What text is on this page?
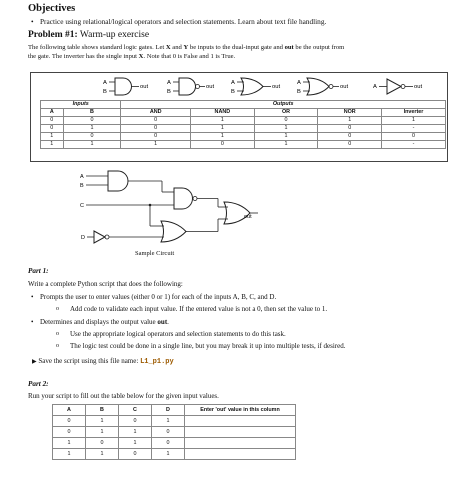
Objectives
• Practice using relational/logical operators and selection statements. Learn about text file handling.
Problem #1: Warm-up exercise
The following table shows standard logic gates. Let X and Y be inputs to the dual-input gate and out be the output from
the gate. The inverter has the single input X. Note that 0 is False and 1 is True.
A
B
out
A
B
out
A
B
out
A
B
out	A	out
Inputs		Outputs				
A	B	AND	NAND	OR	NOR	Inverter
0	0	0	1	0	1	1
0	1	0	1	1	0	-
1	0	0	1	1	0	0
1	1	1	0	1	0	-
A
B
C
D
out
Sample Circuit
Part 1:
Write a complete Python script that does the following:
• Prompts the user to enter values (either 0 or 1) for each of the inputs A, B, C, and D.
o Add code to validate each input value. If the entered value is not a 0, then set the value to 1.
• Determines and displays the output value out.
o Use the appropriate logical operators and selection statements to do this task.
o The logic test could be done in a single line, but you may break it up into multiple tests, if desired.
▶ Save the script using this file name: L1_p1.py
Part 2:
Run your script to fill out the table below for the given input values.
A	B	C	D	Enter 'out' value in this column
0	1	0	1	
0	1	1	0	
1	0	1	0	
1	1	0	1	
